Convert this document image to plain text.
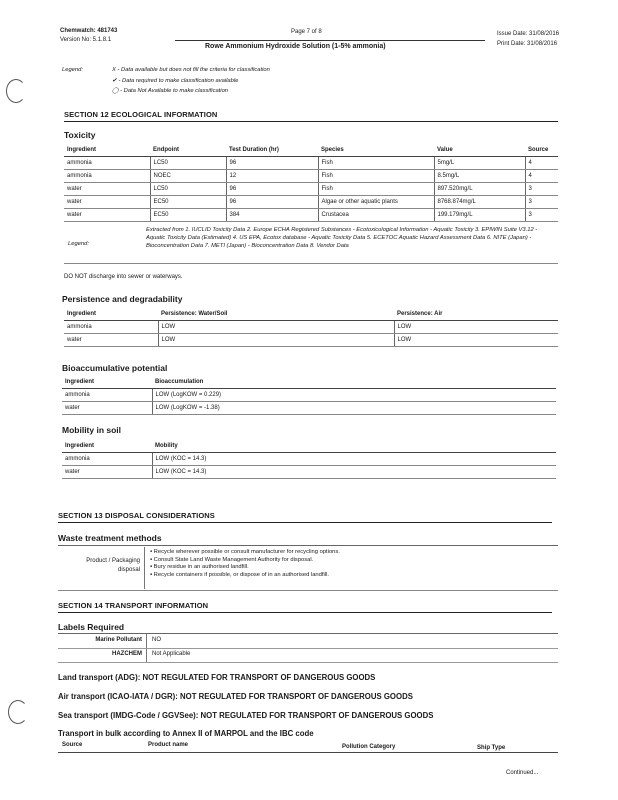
Chemwatch: 481743
Version No: 5.1.8.1
Page 7 of 8
Rowe Ammonium Hydroxide Solution (1-5% ammonia)
Issue Date: 31/08/2016
Print Date: 31/08/2016
Legend:	X - Data available but does not fill the criteria for classification
✔ - Data required to make classification available
◯ - Data Not Available to make classification
SECTION 12 ECOLOGICAL INFORMATION
Toxicity
Ingredient	Endpoint	Test Duration (hr)	Species	Value	Source
ammonia	LC50	96	Fish	5mg/L	4
ammonia	NOEC	12	Fish	8.5mg/L	4
water	LC50	96	Fish	897.520mg/L	3
water	EC50	96	Algae or other aquatic plants	8768.874mg/L	3
water	EC50	384	Crustacea	199.179mg/L	3
Legend:
Extracted from 1. IUCLID Toxicity Data 2. Europe ECHA Registered Substances - Ecotoxicological Information - Aquatic Toxicity 3. EPIWIN Suite V3.12 - Aquatic Toxicity Data (Estimated) 4. US EPA, Ecotox database - Aquatic Toxicity Data 5. ECETOC Aquatic Hazard Assessment Data 6. NITE (Japan) - Bioconcentration Data 7. METI (Japan) - Bioconcentration Data 8. Vendor Data
DO NOT discharge into sewer or waterways.
Persistence and degradability
Ingredient	Persistence: Water/Soil	Persistence: Air
ammonia	LOW	LOW
water	LOW	LOW
Bioaccumulative potential
Ingredient	Bioaccumulation
ammonia	LOW (LogKOW = 0.229)
water	LOW (LogKOW = -1.38)
Mobility in soil
Ingredient	Mobility
ammonia	LOW (KOC = 14.3)
water	LOW (KOC = 14.3)
SECTION 13 DISPOSAL CONSIDERATIONS
Waste treatment methods
Product / Packaging
disposal
▪ Recycle wherever possible or consult manufacturer for recycling options.
▪ Consult State Land Waste Management Authority for disposal.
▪ Bury residue in an authorised landfill.
▪ Recycle containers if possible, or dispose of in an authorised landfill.
SECTION 14 TRANSPORT INFORMATION
Labels Required
Marine Pollutant NO
HAZCHEM Not Applicable
Land transport (ADG): NOT REGULATED FOR TRANSPORT OF DANGEROUS GOODS
Air transport (ICAO-IATA / DGR): NOT REGULATED FOR TRANSPORT OF DANGEROUS GOODS
Sea transport (IMDG-Code / GGVSee): NOT REGULATED FOR TRANSPORT OF DANGEROUS GOODS
Transport in bulk according to Annex II of MARPOL and the IBC code
Source	Product name	Pollution Category	Ship Type
Continued...
